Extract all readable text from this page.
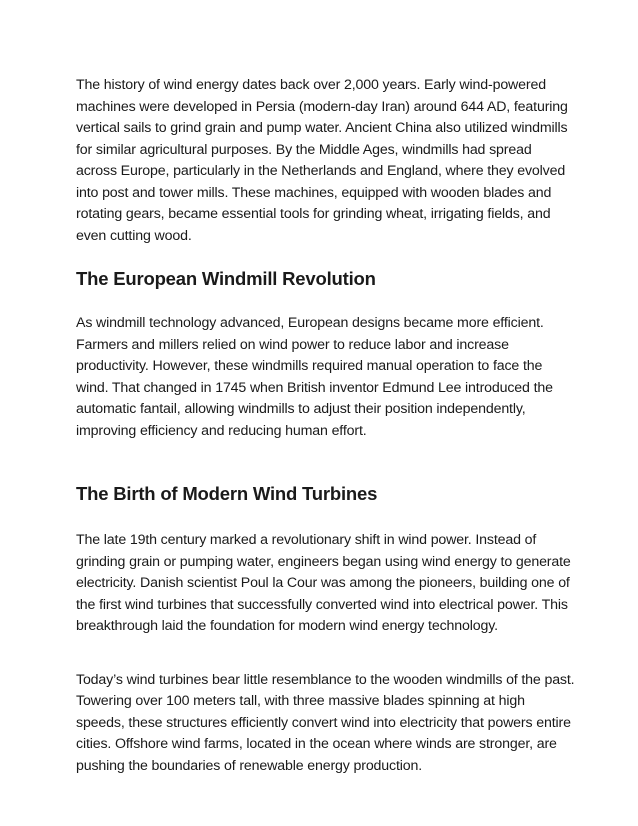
The history of wind energy dates back over 2,000 years. Early wind-powered machines were developed in Persia (modern-day Iran) around 644 AD, featuring vertical sails to grind grain and pump water. Ancient China also utilized windmills for similar agricultural purposes. By the Middle Ages, windmills had spread across Europe, particularly in the Netherlands and England, where they evolved into post and tower mills. These machines, equipped with wooden blades and rotating gears, became essential tools for grinding wheat, irrigating fields, and even cutting wood.

The European Windmill Revolution

As windmill technology advanced, European designs became more efficient. Farmers and millers relied on wind power to reduce labor and increase productivity. However, these windmills required manual operation to face the wind. That changed in 1745 when British inventor Edmund Lee introduced the automatic fantail, allowing windmills to adjust their position independently, improving efficiency and reducing human effort.

The Birth of Modern Wind Turbines

The late 19th century marked a revolutionary shift in wind power. Instead of grinding grain or pumping water, engineers began using wind energy to generate electricity. Danish scientist Poul la Cour was among the pioneers, building one of the first wind turbines that successfully converted wind into electrical power. This breakthrough laid the foundation for modern wind energy technology.

Today’s wind turbines bear little resemblance to the wooden windmills of the past. Towering over 100 meters tall, with three massive blades spinning at high speeds, these structures efficiently convert wind into electricity that powers entire cities. Offshore wind farms, located in the ocean where winds are stronger, are pushing the boundaries of renewable energy production.
